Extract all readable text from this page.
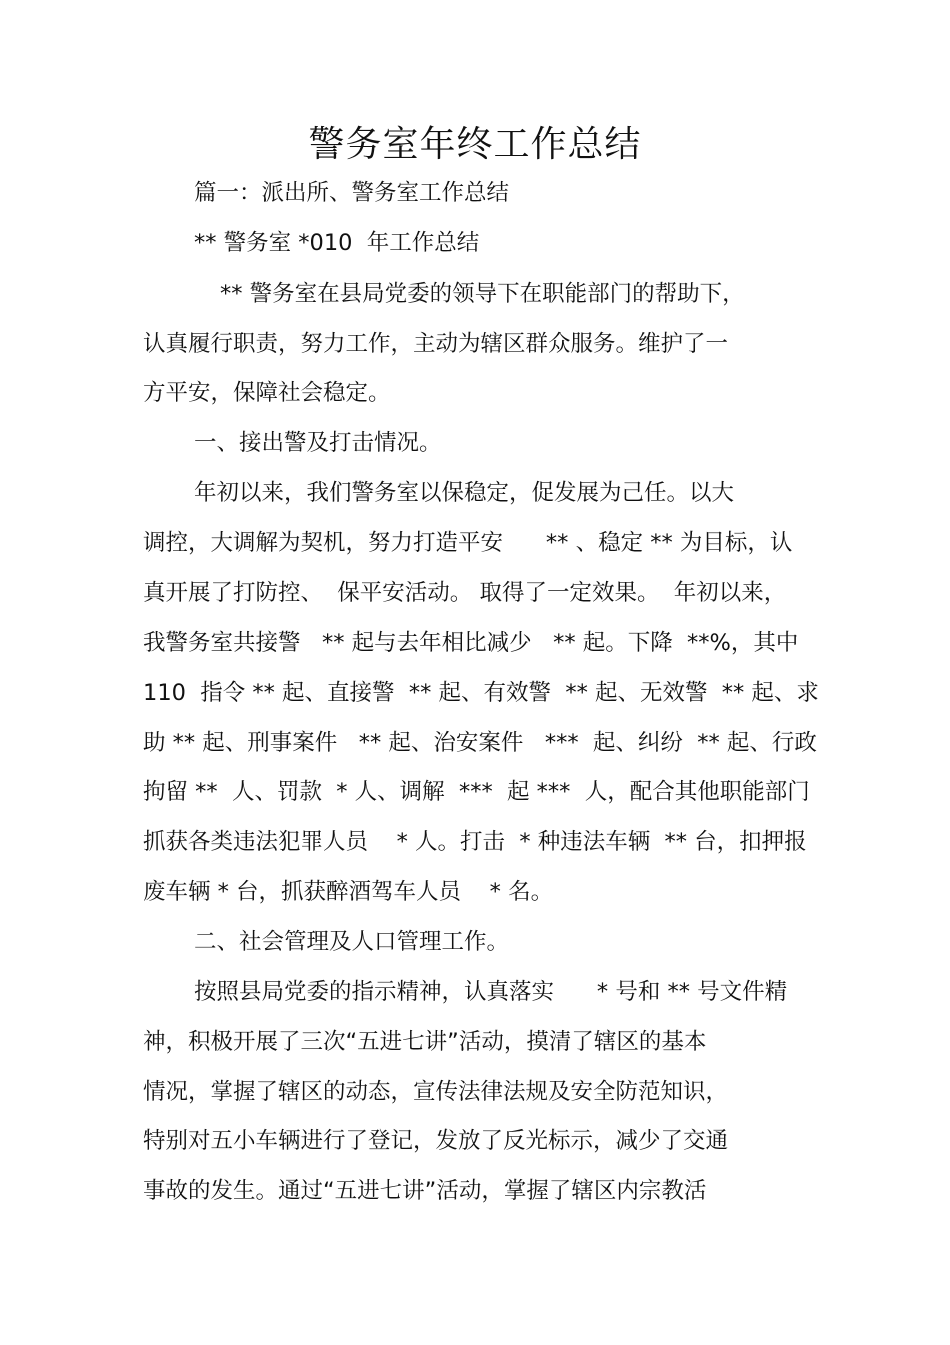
警务室年终工作总结

篇一：派出所、警务室工作总结

** 警务室 *010  年工作总结

** 警务室在县局党委的领导下在职能部门的帮助下，

认真履行职责，努力工作，主动为辖区群众服务。维护了一

方平安，保障社会稳定。

一、接出警及打击情况。

年初以来，我们警务室以保稳定，促发展为己任。以大

调控，大调解为契机，努力打造平安      ** 、稳定 ** 为目标，认

真开展了打防控、  保平安活动。 取得了一定效果。  年初以来，

我警务室共接警   ** 起与去年相比减少   ** 起。下降  **%，其中

110  指令 ** 起、直接警  ** 起、有效警  ** 起、无效警  ** 起、求

助 ** 起、刑事案件   ** 起、治安案件   ***  起、纠纷  ** 起、行政

拘留 **  人、罚款  * 人、调解  ***  起 ***  人，配合其他职能部门

抓获各类违法犯罪人员    * 人。打击  * 种违法车辆  ** 台，扣押报

废车辆 * 台，抓获醉酒驾车人员    * 名。

二、社会管理及人口管理工作。

按照县局党委的指示精神，认真落实      * 号和 ** 号文件精

神，积极开展了三次“五进七讲”活动，摸清了辖区的基本

情况，掌握了辖区的动态，宣传法律法规及安全防范知识，

特别对五小车辆进行了登记，发放了反光标示，减少了交通

事故的发生。通过“五进七讲”活动，掌握了辖区内宗教活
